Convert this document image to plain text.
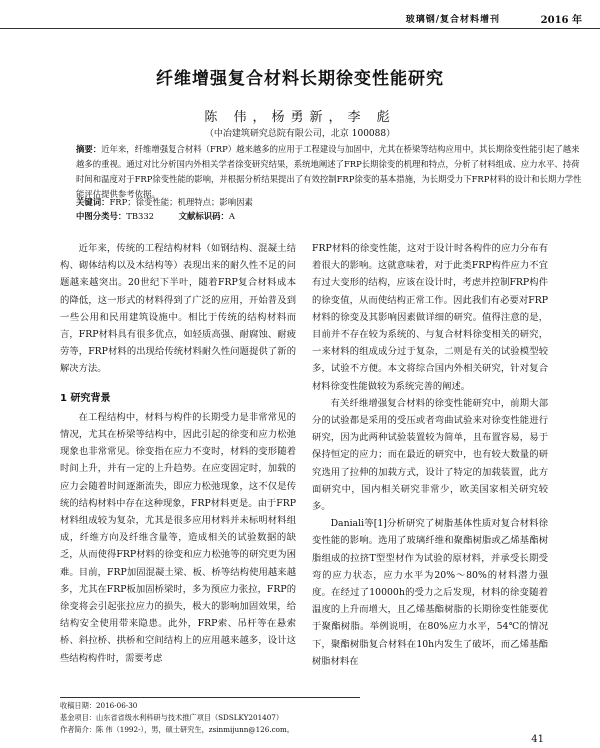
玻璃钢/复合材料增刊	2016 年
纤维增强复合材料长期徐变性能研究
陈 伟，杨勇新，李 彪
（中冶建筑研究总院有限公司，北京 100088）
摘要：近年来，纤维增强复合材料（FRP）越来越多的应用于工程建设与加固中，尤其在桥梁等结构应用中，其长期徐变性能引起了越来越多的重视。通过对比分析国内外相关学者徐变研究结果，系统地阐述了FRP长期徐变的机理和特点，分析了材料组成、应力水平、持荷时间和温度对于FRP徐变性能的影响，并根据分析结果提出了有效控制FRP徐变的基本措施，为长期受力下FRP材料的设计和长期力学性能评估提供参考依据。
关键词：FRP；徐变性能；机理特点；影响因素
中图分类号：TB332	文献标识码：A

近年来，传统的工程结构材料（如钢结构、混凝土结构、砌体结构以及木结构等）表现出来的耐久性不足的问题越来越突出。20世纪下半叶，随着FRP复合材料成本的降低，这一形式的材料得到了广泛的应用，开始普及到一些公用和民用建筑设施中。相比于传统的结构材料而言，FRP材料具有很多优点，如轻质高强、耐腐蚀、耐疲劳等，FRP材料的出现给传统材料耐久性问题提供了新的解决方法。

1 研究背景

在工程结构中，材料与构件的长期受力是非常常见的情况，尤其在桥梁等结构中，因此引起的徐变和应力松弛现象也非常常见。徐变指在应力不变时，材料的变形随着时间上升，并有一定的上升趋势。在应变固定时，加载的应力会随着时间逐渐流失，即应力松弛现象，这不仅是传统的结构材料中存在这种现象，FRP材料更是。由于FRP材料组成较为复杂，尤其是很多应用材料并未标明材料组成，纤维方向及纤维含量等，造成相关的试验数据的缺乏，从而使得FRP材料的徐变和应力松弛等的研究更为困难。目前，FRP加固混凝土梁、板、桥等结构使用越来越多，尤其在FRP板加固桥梁时，多为预应力张拉，FRP的徐变将会引起张拉应力的损失，极大的影响加固效果，给结构安全使用带来隐患。此外，FRP索、吊杆等在悬索桥、斜拉桥、拱桥和空间结构上的应用越来越多，设计这些结构构件时，需要考虑

FRP材料的徐变性能，这对于设计时各构件的应力分布有着很大的影响。这就意味着，对于此类FRP构件应力不宜有过大变形的结构，应该在设计时，考虑并控制FRP构件的徐变值，从而使结构正常工作。因此我们有必要对FRP材料的徐变及其影响因素做详细的研究。值得注意的是，目前并不存在较为系统的、与复合材料徐变相关的研究，一来材料的组成成分过于复杂，二则是有关的试验模型较多，试验不方便。本文将综合国内外相关研究，针对复合材料徐变性能做较为系统完善的阐述。

有关纤维增强复合材料的徐变性能研究中，前期大部分的试验都是采用的受压或者弯曲试验来对徐变性能进行研究，因为此两种试验装置较为简单，且布置容易，易于保持恒定的应力；而在最近的研究中，也有较大数量的研究选用了拉伸的加载方式，设计了特定的加载装置，此方面研究中，国内相关研究非常少，欧美国家相关研究较多。

Daniali等[1]分析研究了树脂基体性质对复合材料徐变性能的影响。选用了玻璃纤维和聚酯树脂或乙烯基酯树脂组成的拉挤T型型材作为试验的原材料，并承受长期受弯的应力状态，应力水平为20%～80%的材料潜力强度。在经过了10000h的受力之后发现，材料的徐变随着温度的上升而增大，且乙烯基酯树脂的长期徐变性能要优于聚酯树脂。举例说明，在80%应力水平，54℃的情况下，聚酯树脂复合材料在10h内发生了破坏，而乙烯基酯树脂材料在

收稿日期：2016-06-30
基金项目：山东省省级水利科研与技术推广项目（SDSLKY201407）
作者简介：陈 伟（1992-），男，硕士研究生，zsinmijunn@126.com。
41
